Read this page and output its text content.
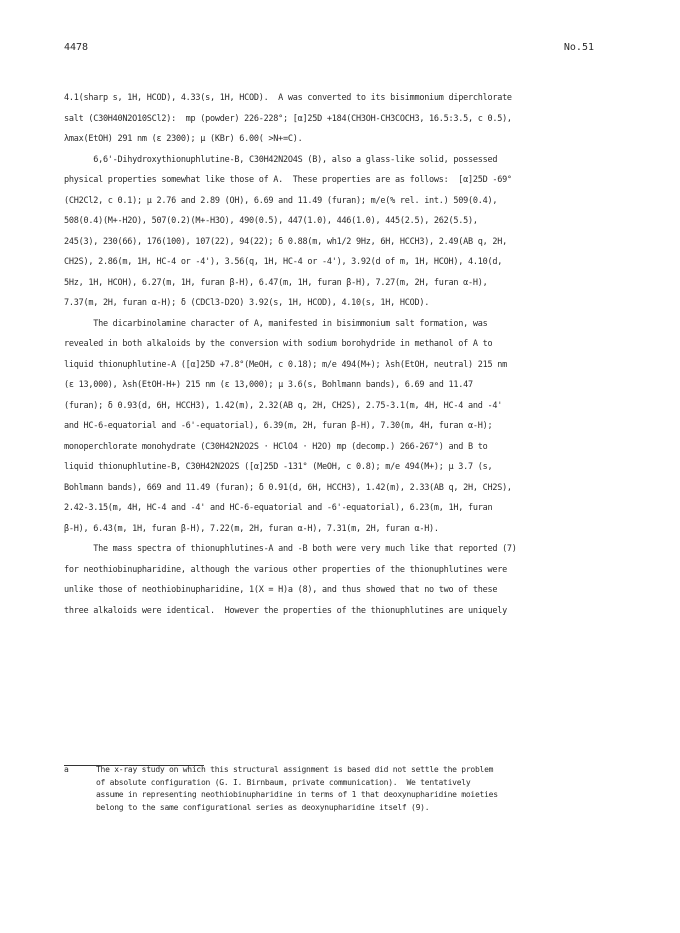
4478	No.51
4.1(sharp s, 1H, HCOD), 4.33(s, 1H, HCOD).  A was converted to its bisimmonium diperchlorate
salt (C30H40N2O10SCl2):  mp (powder) 226-228°; [α]25D +184(CH3OH-CH3COCH3, 16.5:3.5, c 0.5),
λmax(EtOH) 291 nm (ε 2300); μ (KBr) 6.00( >N+=C).
6,6'-Dihydroxythionuphlutine-B, C30H42N2O4S (B), also a glass-like solid, possessed
physical properties somewhat like those of A.  These properties are as follows:  [α]25D -69°
(CH2Cl2, c 0.1); μ 2.76 and 2.89 (OH), 6.69 and 11.49 (furan); m/e(% rel. int.) 509(0.4),
508(0.4)(M+-H2O), 507(0.2)(M+-H3O), 490(0.5), 447(1.0), 446(1.0), 445(2.5), 262(5.5),
245(3), 230(66), 176(100), 107(22), 94(22); δ 0.88(m, wh1/2 9Hz, 6H, HCCH3), 2.49(AB q, 2H,
CH2S), 2.86(m, 1H, HC-4 or -4'), 3.56(q, 1H, HC-4 or -4'), 3.92(d of m, 1H, HCOH), 4.10(d,
5Hz, 1H, HCOH), 6.27(m, 1H, furan β-H), 6.47(m, 1H, furan β-H), 7.27(m, 2H, furan α-H),
7.37(m, 2H, furan α-H); δ (CDCl3-D2O) 3.92(s, 1H, HCOD), 4.10(s, 1H, HCOD).
The dicarbinolamine character of A, manifested in bisimmonium salt formation, was
revealed in both alkaloids by the conversion with sodium borohydride in methanol of A to
liquid thionuphlutine-A ([α]25D +7.8°(MeOH, c 0.18); m/e 494(M+); λsh(EtOH, neutral) 215 nm
(ε 13,000), λsh(EtOH-H+) 215 nm (ε 13,000); μ 3.6(s, Bohlmann bands), 6.69 and 11.47
(furan); δ 0.93(d, 6H, HCCH3), 1.42(m), 2.32(AB q, 2H, CH2S), 2.75-3.1(m, 4H, HC-4 and -4'
and HC-6-equatorial and -6'-equatorial), 6.39(m, 2H, furan β-H), 7.30(m, 4H, furan α-H);
monoperchlorate monohydrate (C30H42N2O2S · HClO4 · H2O) mp (decomp.) 266-267°) and B to
liquid thionuphlutine-B, C30H42N2O2S ([α]25D -131° (MeOH, c 0.8); m/e 494(M+); μ 3.7 (s,
Bohlmann bands), 669 and 11.49 (furan); δ 0.91(d, 6H, HCCH3), 1.42(m), 2.33(AB q, 2H, CH2S),
2.42-3.15(m, 4H, HC-4 and -4' and HC-6-equatorial and -6'-equatorial), 6.23(m, 1H, furan
β-H), 6.43(m, 1H, furan β-H), 7.22(m, 2H, furan α-H), 7.31(m, 2H, furan α-H).
The mass spectra of thionuphlutines-A and -B both were very much like that reported (7)
for neothiobinupharidine, although the various other properties of the thionuphlutines were
unlike those of neothiobinupharidine, 1(X = H)a (8), and thus showed that no two of these
three alkaloids were identical.  However the properties of the thionuphlutines are uniquely
a      The x-ray study on which this structural assignment is based did not settle the problem
of absolute configuration (G. I. Birnbaum, private communication).  We tentatively
assume in representing neothiobinupharidine in terms of 1 that deoxynupharidine moieties
belong to the same configurational series as deoxynupharidine itself (9).
